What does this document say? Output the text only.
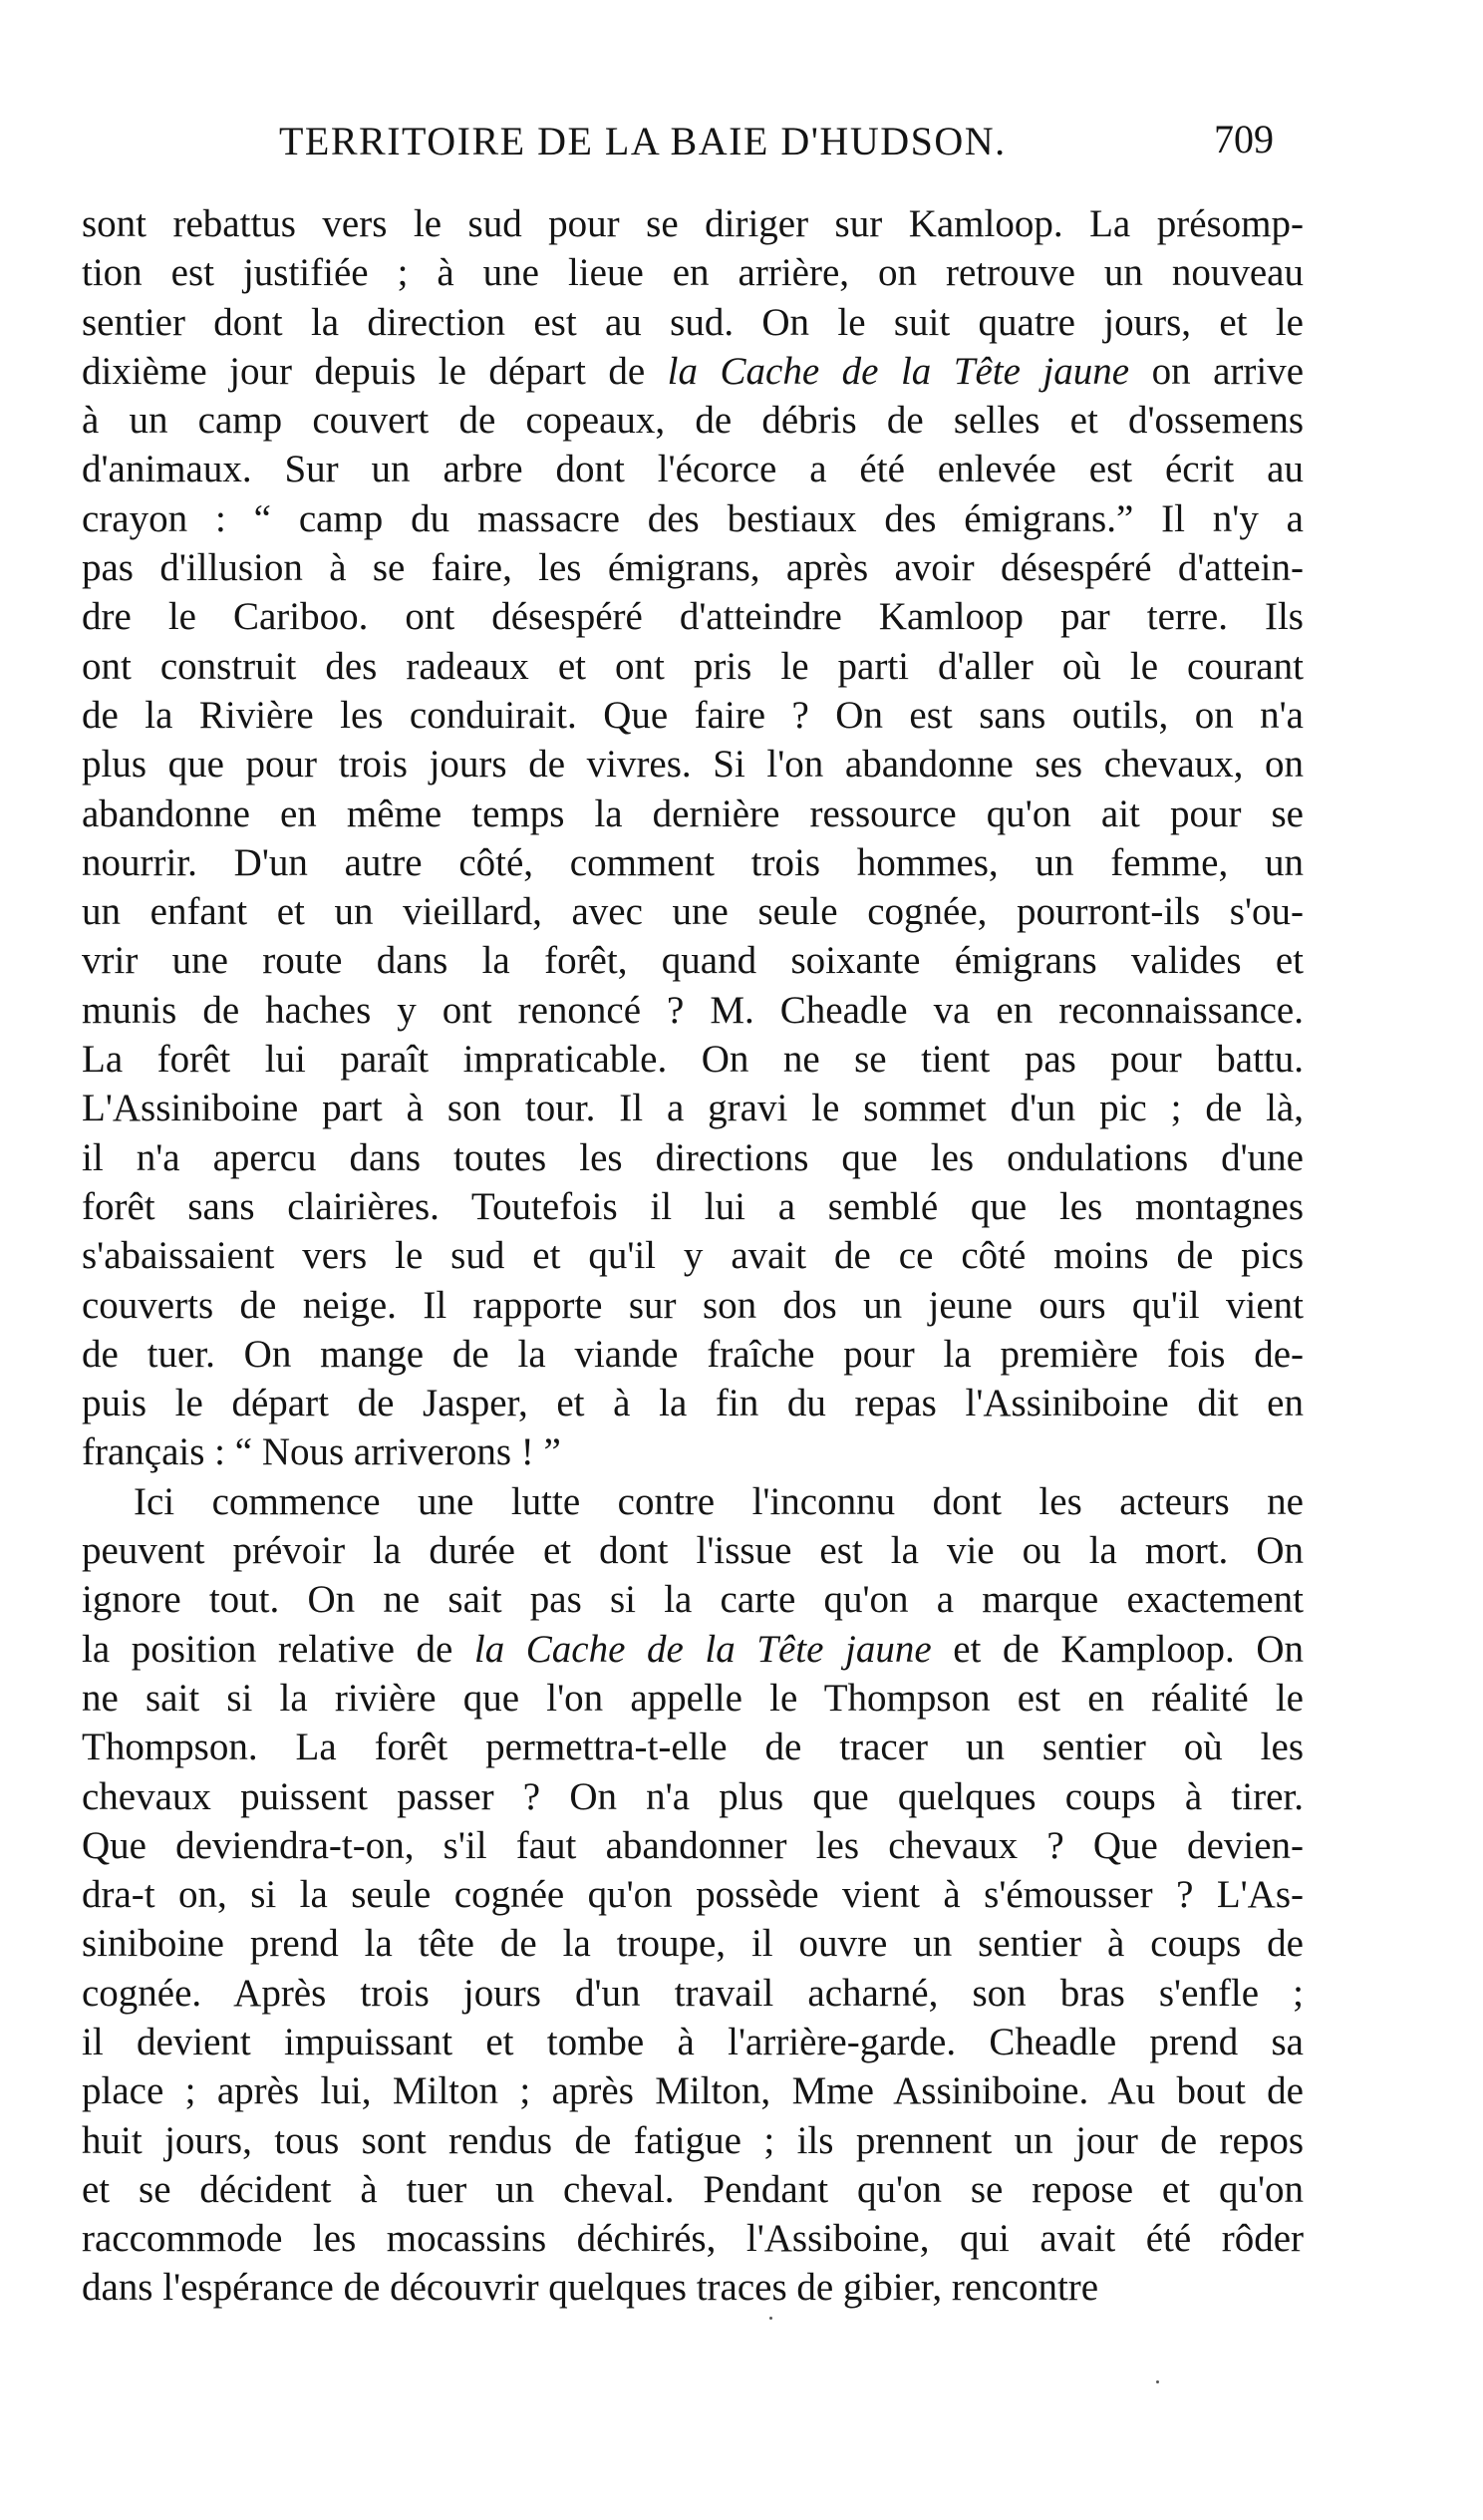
TERRITOIRE DE LA BAIE D'HUDSON.	709
sont rebattus vers le sud pour se diriger sur Kamloop. La présomp-
tion est justifiée ; à une lieue en arrière, on retrouve un nouveau
sentier dont la direction est au sud. On le suit quatre jours, et le
dixième jour depuis le départ de la Cache de la Tête jaune on arrive
à un camp couvert de copeaux, de débris de selles et d'ossemens
d'animaux. Sur un arbre dont l'écorce a été enlevée est écrit au
crayon : “ camp du massacre des bestiaux des émigrans.” Il n'y a
pas d'illusion à se faire, les émigrans, après avoir désespéré d'attein-
dre le Cariboo. ont désespéré d'atteindre Kamloop par terre. Ils
ont construit des radeaux et ont pris le parti d'aller où le courant
de la Rivière les conduirait. Que faire ? On est sans outils, on n'a
plus que pour trois jours de vivres. Si l'on abandonne ses chevaux, on
abandonne en même temps la dernière ressource qu'on ait pour se
nourrir. D'un autre côté, comment trois hommes, un femme, un
un enfant et un vieillard, avec une seule cognée, pourront-ils s'ou-
vrir une route dans la forêt, quand soixante émigrans valides et
munis de haches y ont renoncé ? M. Cheadle va en reconnaissance.
La forêt lui paraît impraticable. On ne se tient pas pour battu.
L'Assiniboine part à son tour. Il a gravi le sommet d'un pic ; de là,
il n'a apercu dans toutes les directions que les ondulations d'une
forêt sans clairières. Toutefois il lui a semblé que les montagnes
s'abaissaient vers le sud et qu'il y avait de ce côté moins de pics
couverts de neige. Il rapporte sur son dos un jeune ours qu'il vient
de tuer. On mange de la viande fraîche pour la première fois de-
puis le départ de Jasper, et à la fin du repas l'Assiniboine dit en
français : “ Nous arriverons ! ”
Ici commence une lutte contre l'inconnu dont les acteurs ne
peuvent prévoir la durée et dont l'issue est la vie ou la mort. On
ignore tout. On ne sait pas si la carte qu'on a marque exactement
la position relative de la Cache de la Tête jaune et de Kamploop. On
ne sait si la rivière que l'on appelle le Thompson est en réalité le
Thompson. La forêt permettra-t-elle de tracer un sentier où les
chevaux puissent passer ? On n'a plus que quelques coups à tirer.
Que deviendra-t-on, s'il faut abandonner les chevaux ? Que devien-
dra-t on, si la seule cognée qu'on possède vient à s'émousser ? L'As-
siniboine prend la tête de la troupe, il ouvre un sentier à coups de
cognée. Après trois jours d'un travail acharné, son bras s'enfle ;
il devient impuissant et tombe à l'arrière-garde. Cheadle prend sa
place ; après lui, Milton ; après Milton, Mme Assiniboine. Au bout de
huit jours, tous sont rendus de fatigue ; ils prennent un jour de repos
et se décident à tuer un cheval. Pendant qu'on se repose et qu'on
raccommode les mocassins déchirés, l'Assiboine, qui avait été rôder
dans l'espérance de découvrir quelques traces de gibier, rencontre
